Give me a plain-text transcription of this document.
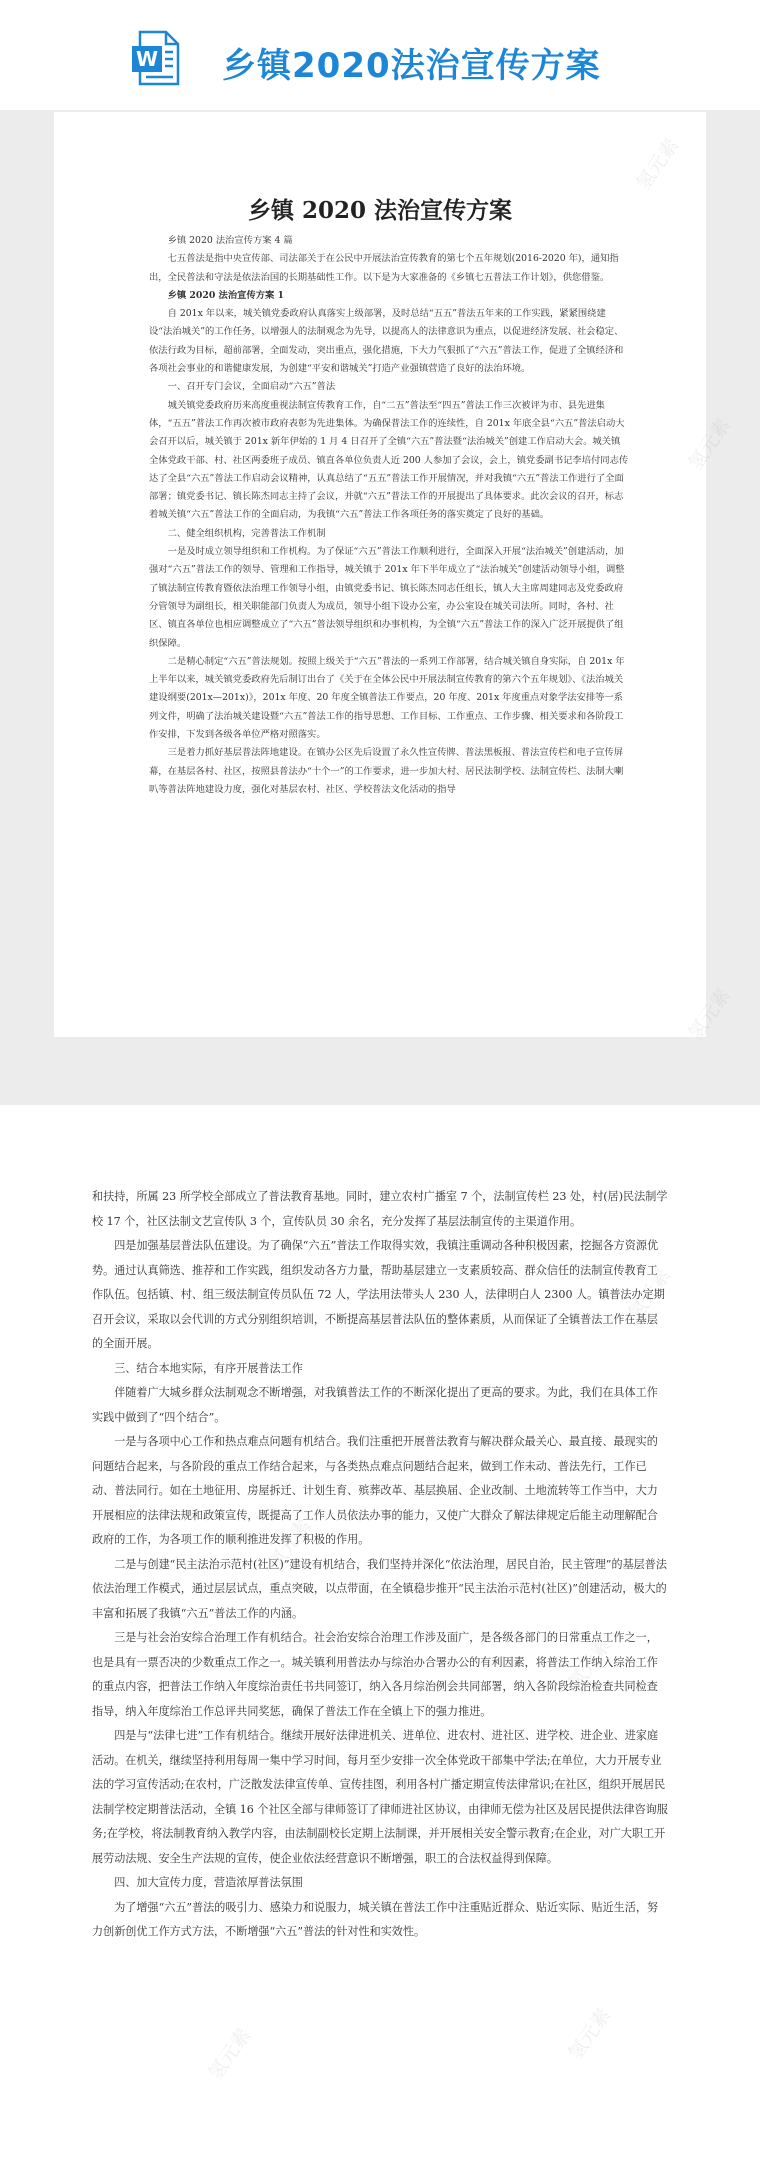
W 乡镇2020法治宣传方案
乡镇 2020 法治宣传方案

乡镇 2020 法治宣传方案 4 篇

七五普法是指中央宣传部、司法部关于在公民中开展法治宣传教育的第七个五年规划(2016-2020 年)，通知指出，全民普法和守法是依法治国的长期基础性工作。以下是为大家准备的《乡镇七五普法工作计划》，供您借鉴。

乡镇 2020 法治宣传方案 1

自 201x 年以来，城关镇党委政府认真落实上级部署，及时总结“五五”普法五年来的工作实践，紧紧围绕建设“法治城关”的工作任务，以增强人的法制观念为先导，以提高人的法律意识为重点，以促进经济发展、社会稳定、依法行政为目标，超前部署，全面发动，突出重点，强化措施，下大力气狠抓了“六五”普法工作，促进了全镇经济和各项社会事业的和谐健康发展，为创建“平安和谐城关”打造产业强镇营造了良好的法治环境。

一、召开专门会议，全面启动“六五”普法

城关镇党委政府历来高度重视法制宣传教育工作，自“二五”普法至“四五”普法工作三次被评为市、县先进集体，“五五”普法工作再次被市政府表彰为先进集体。为确保普法工作的连续性，自 201x 年底全县“六五”普法启动大会召开以后，城关镇于 201x 新年伊始的 1 月 4 日召开了全镇“六五”普法暨“法治城关”创建工作启动大会。城关镇全体党政干部、村、社区两委班子成员、镇直各单位负责人近 200 人参加了会议，会上，镇党委副书记李培付同志传达了全县“六五”普法工作启动会议精神，认真总结了“五五”普法工作开展情况，并对我镇“六五”普法工作进行了全面部署；镇党委书记、镇长陈杰同志主持了会议，并就“六五”普法工作的开展提出了具体要求。此次会议的召开，标志着城关镇“六五”普法工作的全面启动，为我镇“六五”普法工作各项任务的落实奠定了良好的基础。

二、健全组织机构，完善普法工作机制

一是及时成立领导组织和工作机构。为了保证“六五”普法工作顺利进行，全面深入开展“法治城关”创建活动，加强对“六五”普法工作的领导、管理和工作指导，城关镇于 201x 年下半年成立了“法治城关”创建活动领导小组，调整了镇法制宣传教育暨依法治理工作领导小组，由镇党委书记、镇长陈杰同志任组长，镇人大主席周建同志及党委政府分管领导为副组长，相关职能部门负责人为成员，领导小组下设办公室，办公室设在城关司法所。同时，各村、社区、镇直各单位也相应调整成立了“六五”普法领导组织和办事机构，为全镇“六五”普法工作的深入广泛开展提供了组织保障。

二是精心制定“六五”普法规划。按照上级关于“六五”普法的一系列工作部署，结合城关镇自身实际，自 201x 年上半年以来，城关镇党委政府先后制订出台了《关于在全体公民中开展法制宣传教育的第六个五年规划》、《法治城关建设纲要(201x—201x)》，201x 年度、20 年度全镇普法工作要点，20 年度、201x 年度重点对象学法安排等一系列文件，明确了法治城关建设暨“六五”普法工作的指导思想、工作目标、工作重点、工作步骤、相关要求和各阶段工作安排，下发到各级各单位严格对照落实。

三是着力抓好基层普法阵地建设。在镇办公区先后设置了永久性宣传牌、普法黑板报、普法宣传栏和电子宣传屏幕，在基层各村、社区，按照县普法办“十个一”的工作要求，进一步加大村、居民法制学校、法制宣传栏、法制大喇叭等普法阵地建设力度，强化对基层农村、社区、学校普法文化活动的指导

和扶持，所属 23 所学校全部成立了普法教育基地。同时，建立农村广播室 7 个，法制宣传栏 23 处，村(居)民法制学校 17 个，社区法制文艺宣传队 3 个，宣传队员 30 余名，充分发挥了基层法制宣传的主渠道作用。

四是加强基层普法队伍建设。为了确保“六五”普法工作取得实效，我镇注重调动各种积极因素，挖掘各方资源优势。通过认真筛选、推荐和工作实践，组织发动各方力量，帮助基层建立一支素质较高、群众信任的法制宣传教育工作队伍。包括镇、村、组三级法制宣传员队伍 72 人，学法用法带头人 230 人，法律明白人 2300 人。镇普法办定期召开会议，采取以会代训的方式分别组织培训，不断提高基层普法队伍的整体素质，从而保证了全镇普法工作在基层的全面开展。

三、结合本地实际，有序开展普法工作

伴随着广大城乡群众法制观念不断增强，对我镇普法工作的不断深化提出了更高的要求。为此，我们在具体工作实践中做到了“四个结合”。

一是与各项中心工作和热点难点问题有机结合。我们注重把开展普法教育与解决群众最关心、最直接、最现实的问题结合起来，与各阶段的重点工作结合起来，与各类热点难点问题结合起来，做到工作未动、普法先行，工作已动、普法同行。如在土地征用、房屋拆迁、计划生育、殡葬改革、基层换届、企业改制、土地流转等工作当中，大力开展相应的法律法规和政策宣传，既提高了工作人员依法办事的能力，又使广大群众了解法律规定后能主动理解配合政府的工作，为各项工作的顺利推进发挥了积极的作用。

二是与创建“民主法治示范村(社区)”建设有机结合，我们坚持并深化“依法治理，居民自治，民主管理”的基层普法依法治理工作模式，通过层层试点，重点突破，以点带面，在全镇稳步推开“民主法治示范村(社区)”创建活动，极大的丰富和拓展了我镇“六五”普法工作的内涵。

三是与社会治安综合治理工作有机结合。社会治安综合治理工作涉及面广，是各级各部门的日常重点工作之一，也是具有一票否决的少数重点工作之一。城关镇利用普法办与综治办合署办公的有利因素，将普法工作纳入综治工作的重点内容，把普法工作纳入年度综治责任书共同签订，纳入各月综治例会共同部署，纳入各阶段综治检查共同检查指导，纳入年度综治工作总评共同奖惩，确保了普法工作在全镇上下的强力推进。

四是与“法律七进”工作有机结合。继续开展好法律进机关、进单位、进农村、进社区、进学校、进企业、进家庭活动。在机关，继续坚持利用每周一集中学习时间，每月至少安排一次全体党政干部集中学法;在单位，大力开展专业法的学习宣传活动;在农村，广泛散发法律宣传单、宣传挂图，利用各村广播定期宣传法律常识;在社区，组织开展居民法制学校定期普法活动，全镇 16 个社区全部与律师签订了律师进社区协议，由律师无偿为社区及居民提供法律咨询服务;在学校，将法制教育纳入教学内容，由法制副校长定期上法制课，并开展相关安全警示教育;在企业，对广大职工开展劳动法规、安全生产法规的宣传，使企业依法经营意识不断增强，职工的合法权益得到保障。

四、加大宣传力度，营造浓厚普法氛围

为了增强“六五”普法的吸引力、感染力和说服力，城关镇在普法工作中注重贴近群众、贴近实际、贴近生活，努力创新创优工作方式方法，不断增强“六五”普法的针对性和实效性。
